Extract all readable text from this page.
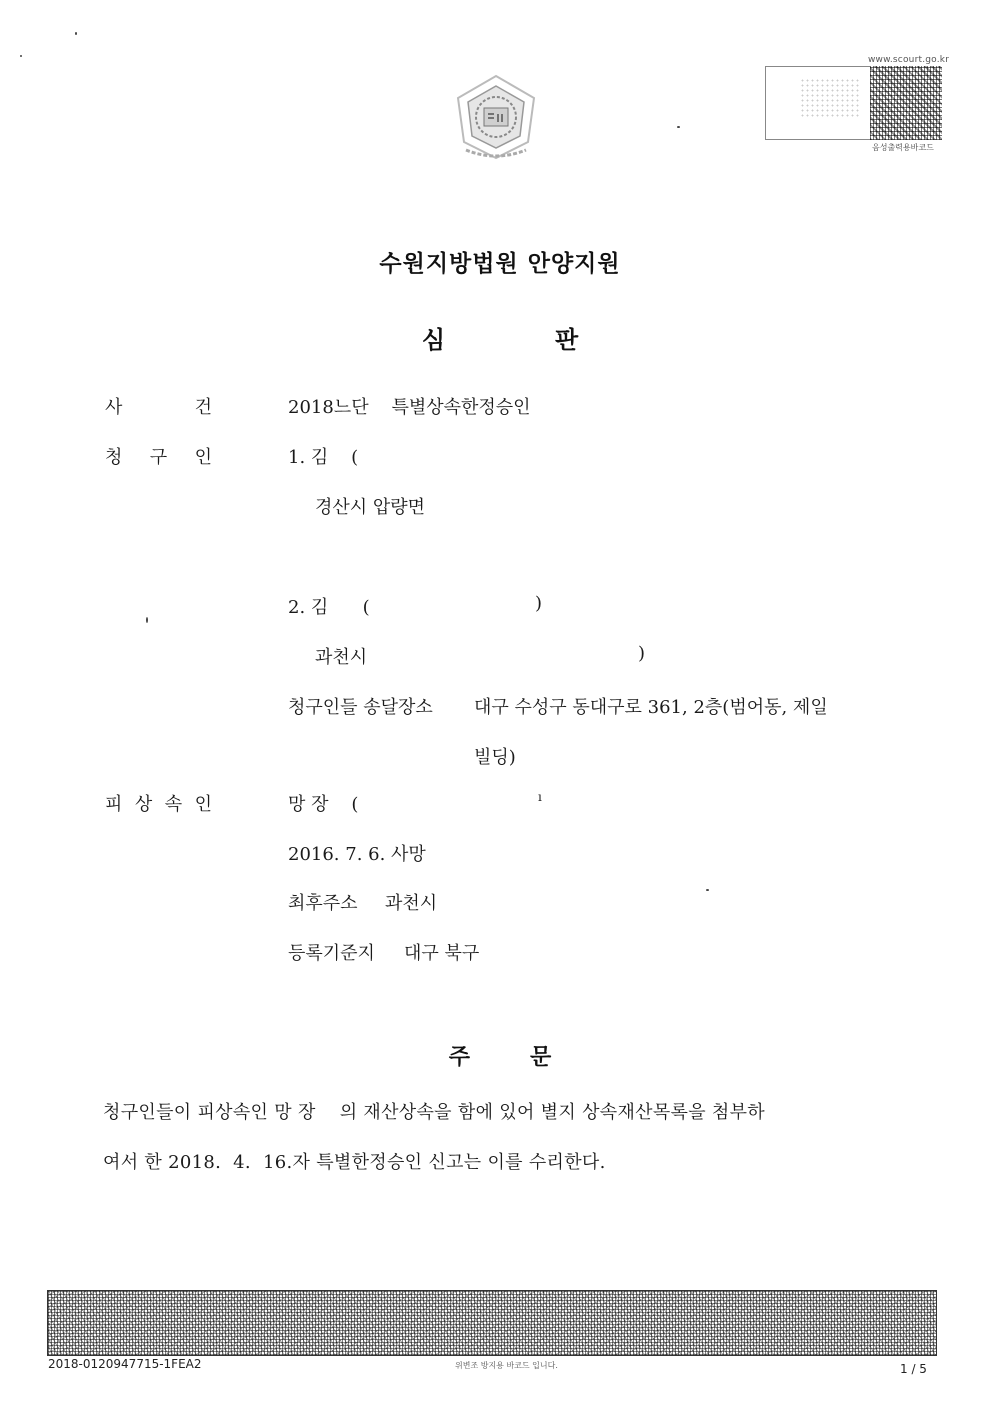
www.scourt.go.kr
음성출력용바코드
수원지방법원 안양지원
심	판
사	건	2018느단    특별상속한정승인
청 구 인	1. 김    (
경산시 압량면
2. 김      (	)
과천시	)
청구인들 송달장소 대구 수성구 동대구로 361, 2층(범어동, 제일
빌딩)
피 상 속 인	망 장    (	ı
2016. 7. 6. 사망
최후주소 과천시
등록기준지 대구 북구
주	문
청구인들이 피상속인 망 장    의 재산상속을 함에 있어 별지 상속재산목록을 첨부하
여서 한 2018.  4.  16.자 특별한정승인 신고는 이를 수리한다.
2018-0120947715-1FEA2	위변조 방지용 바코드 입니다.	1 / 5
